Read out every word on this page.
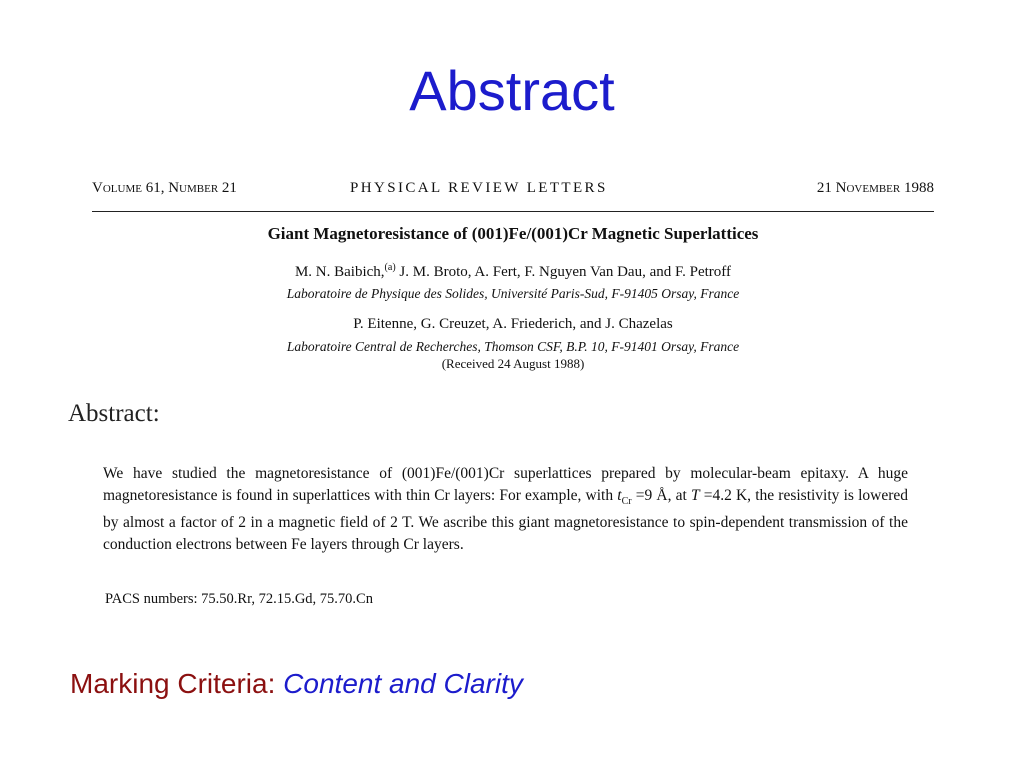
Abstract
Volume 61, Number 21	PHYSICAL REVIEW LETTERS	21 November 1988
Giant Magnetoresistance of (001)Fe/(001)Cr Magnetic Superlattices
M. N. Baibich,$^{(a)}$ J. M. Broto, A. Fert, F. Nguyen Van Dau, and F. Petroff
Laboratoire de Physique des Solides, Université Paris-Sud, F-91405 Orsay, France
P. Eitenne, G. Creuzet, A. Friederich, and J. Chazelas
Laboratoire Central de Recherches, Thomson CSF, B.P. 10, F-91401 Orsay, France
(Received 24 August 1988)
Abstract:
We have studied the magnetoresistance of (001)Fe/(001)Cr superlattices prepared by molecular-beam epitaxy. A huge magnetoresistance is found in superlattices with thin Cr layers: For example, with $t_{Cr} =9$ Å, at T =4.2 K, the resistivity is lowered by almost a factor of 2 in a magnetic field of 2 T. We ascribe this giant magnetoresistance to spin-dependent transmission of the conduction electrons between Fe layers through Cr layers.
PACS numbers: 75.50.Rr, 72.15.Gd, 75.70.Cn
Marking Criteria: Content and Clarity
